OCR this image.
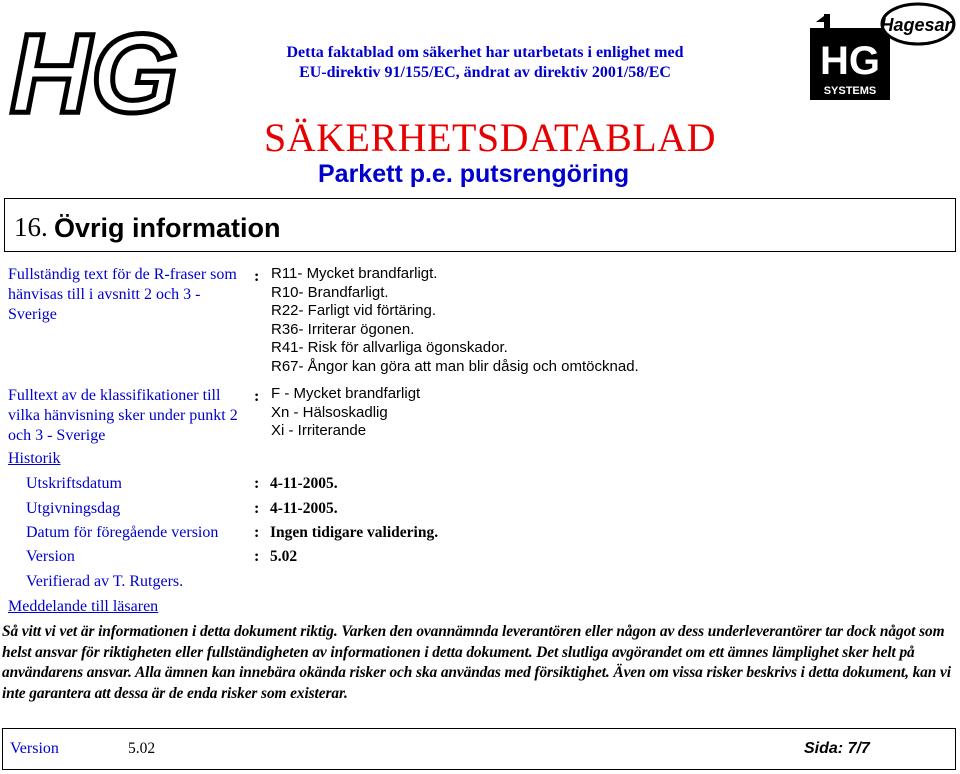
HG	Hagesan
HG
SYSTEMS
Detta faktablad om säkerhet har utarbetats i enlighet med
EU-direktiv 91/155/EC, ändrat av direktiv 2001/58/EC
SÄKERHETSDATABLAD
Parkett p.e. putsrengöring
16. Övrig information
Fullständig text för de R-fraser som hänvisas till i avsnitt 2 och 3 - Sverige
: R11- Mycket brandfarligt.
R10- Brandfarligt.
R22- Farligt vid förtäring.
R36- Irriterar ögonen.
R41- Risk för allvarliga ögonskador.
R67- Ångor kan göra att man blir dåsig och omtöcknad.
Fulltext av de klassifikationer till vilka hänvisning sker under punkt 2 och 3 - Sverige
: F - Mycket brandfarligt
Xn - Hälsoskadlig
Xi - Irriterande
Historik
Utskriftsdatum	: 4-11-2005.
Utgivningsdag	: 4-11-2005.
Datum för föregående version : Ingen tidigare validering.
Version	: 5.02
Verifierad av T. Rutgers.
Meddelande till läsaren
Så vitt vi vet är informationen i detta dokument riktig. Varken den ovannämnda leverantören eller någon av dess underleverantörer tar dock något som helst ansvar för riktigheten eller fullständigheten av informationen i detta dokument. Det slutliga avgörandet om ett ämnes lämplighet sker helt på användarens ansvar. Alla ämnen kan innebära okända risker och ska användas med försiktighet. Även om vissa risker beskrivs i detta dokument, kan vi inte garantera att dessa är de enda risker som existerar.
Version	5.02	Sida: 7/7
